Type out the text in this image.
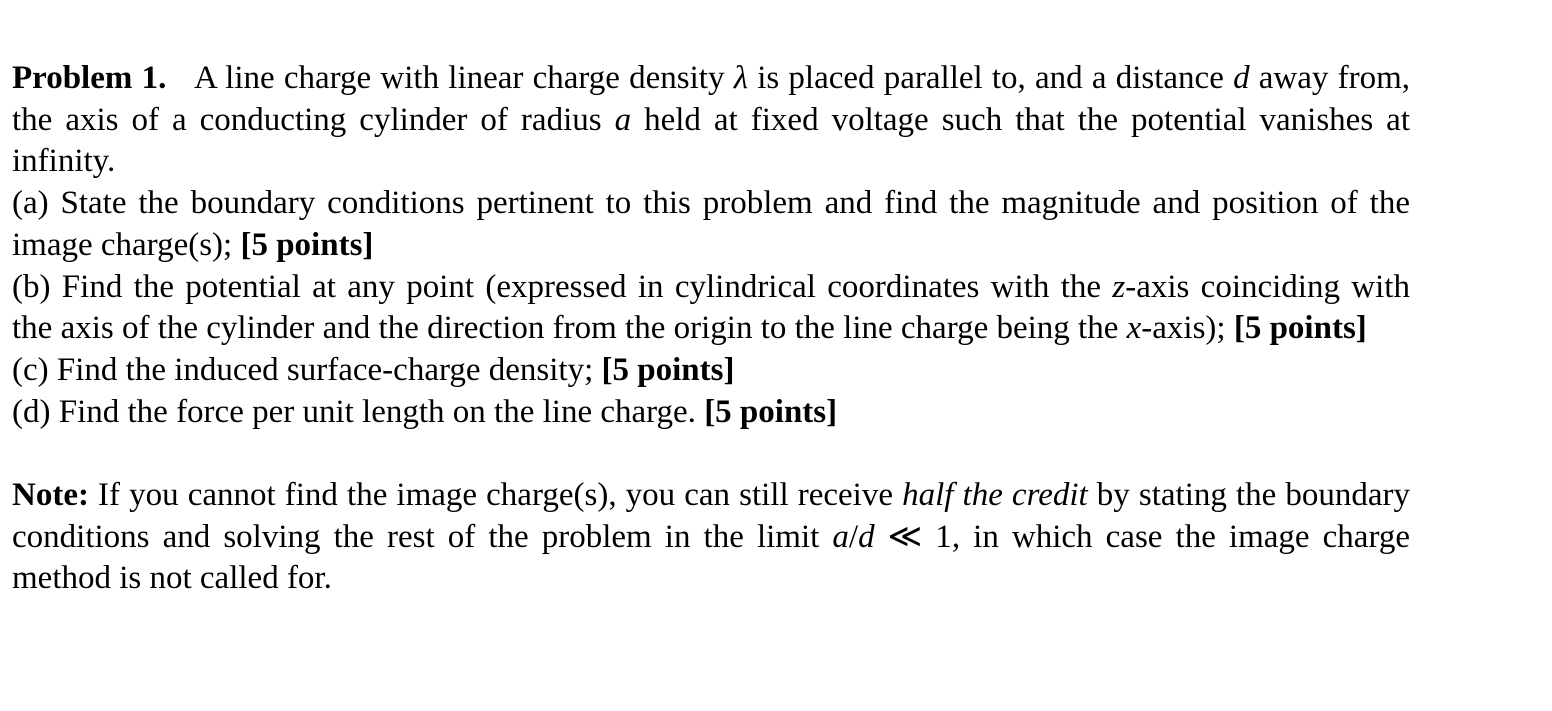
Problem 1. A line charge with linear charge density λ is placed parallel to, and a distance d away from, the axis of a conducting cylinder of radius a held at fixed voltage such that the potential vanishes at infinity.

(a) State the boundary conditions pertinent to this problem and find the magnitude and position of the image charge(s); [5 points]

(b) Find the potential at any point (expressed in cylindrical coordinates with the z-axis coinciding with the axis of the cylinder and the direction from the origin to the line charge being the x-axis); [5 points]

(c) Find the induced surface-charge density; [5 points]

(d) Find the force per unit length on the line charge. [5 points]

Note: If you cannot find the image charge(s), you can still receive half the credit by stating the boundary conditions and solving the rest of the problem in the limit a/d ≪ 1, in which case the image charge method is not called for.
